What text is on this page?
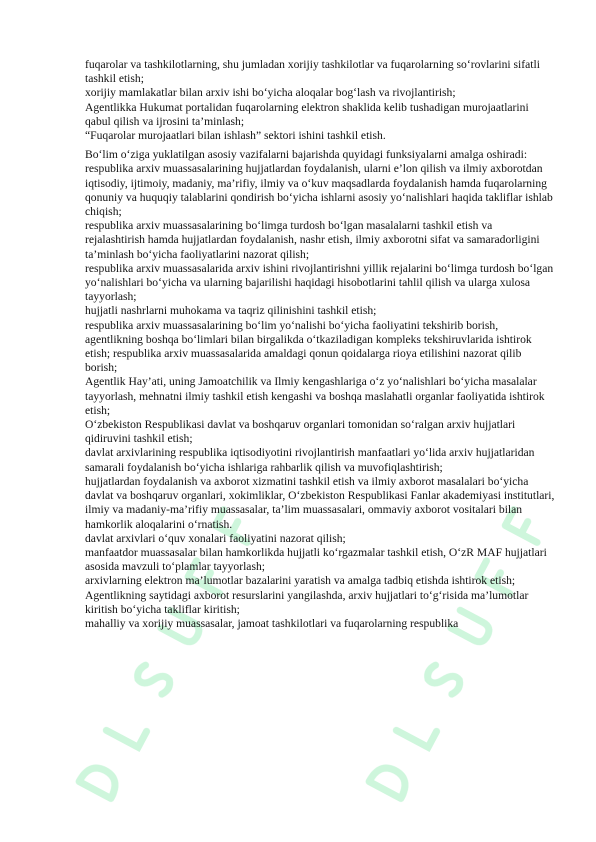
fuqarolar va tashkilotlarning, shu jumladan xorijiy tashkilotlar va fuqarolarning so‘rovlarini sifatli tashkil etish;

xorijiy mamlakatlar bilan arxiv ishi bo‘yicha aloqalar bog‘lash va rivojlantirish;

Agentlikka Hukumat portalidan fuqarolarning elektron shaklida kelib tushadigan murojaatlarini qabul qilish va ijrosini ta’minlash;

“Fuqarolar murojaatlari bilan ishlash” sektori ishini tashkil etish.

Bo‘lim o‘ziga yuklatilgan asosiy vazifalarni bajarishda quyidagi funksiyalarni amalga oshiradi:

respublika arxiv muassasalarining hujjatlardan foydalanish, ularni e’lon qilish va ilmiy axborotdan iqtisodiy, ijtimoiy, madaniy, ma’rifiy, ilmiy va o‘kuv maqsadlarda foydalanish hamda fuqarolarning qonuniy va huquqiy talablarini qondirish bo‘yicha ishlarni asosiy yo‘nalishlari haqida takliflar ishlab chiqish;

respublika arxiv muassasalarining bo‘limga turdosh bo‘lgan masalalarni tashkil etish va rejalashtirish hamda hujjatlardan foydalanish, nashr etish, ilmiy axborotni sifat va samaradorligini ta’minlash bo‘yicha faoliyatlarini nazorat qilish;

respublika arxiv muassasalarida arxiv ishini rivojlantirishni yillik rejalarini bo‘limga turdosh bo‘lgan yo‘nalishlari bo‘yicha va ularning bajarilishi haqidagi hisobotlarini tahlil qilish va ularga xulosa tayyorlash;

hujjatli nashrlarni muhokama va taqriz qilinishini tashkil etish;

respublika arxiv muassasalarining bo‘lim yo‘nalishi bo‘yicha faoliyatini tekshirib borish, agentlikning boshqa bo‘limlari bilan birgalikda o‘tkaziladigan kompleks tekshiruvlarida ishtirok etish; respublika arxiv muassasalarida amaldagi qonun qoidalarga rioya etilishini nazorat qilib borish;

Agentlik Hay’ati, uning Jamoatchilik va Ilmiy kengashlariga o‘z yo‘nalishlari bo‘yicha masalalar tayyorlash, mehnatni ilmiy tashkil etish kengashi va boshqa maslahatli organlar faoliyatida ishtirok etish;

O‘zbekiston Respublikasi davlat va boshqaruv organlari tomonidan so‘ralgan arxiv hujjatlari qidiruvini tashkil etish;

davlat arxivlarining respublika iqtisodiyotini rivojlantirish manfaatlari yo‘lida arxiv hujjatlaridan samarali foydalanish bo‘yicha ishlariga rahbarlik qilish va muvofiqlashtirish;

hujjatlardan foydalanish va axborot xizmatini tashkil etish va ilmiy axborot masalalari bo‘yicha davlat va boshqaruv organlari, xokimliklar, O‘zbekiston Respublikasi Fanlar akademiyasi institutlari, ilmiy va madaniy-ma’rifiy muassasalar, ta’lim muassasalari, ommaviy axborot vositalari bilan hamkorlik aloqalarini o‘rnatish.

davlat arxivlari o‘quv xonalari faoliyatini nazorat qilish;

manfaatdor muassasalar bilan hamkorlikda hujjatli ko‘rgazmalar tashkil etish, O‘zR MAF hujjatlari asosida mavzuli to‘plamlar tayyorlash;

arxivlarning elektron ma’lumotlar bazalarini yaratish va amalga tadbiq etishda ishtirok etish;

Agentlikning saytidagi axborot resurslarini yangilashda, arxiv hujjatlari to‘g‘risida ma’lumotlar kiritish bo‘yicha takliflar kiritish;

mahalliy va xorijiy muassasalar, jamoat tashkilotlari va fuqarolarning respublika
